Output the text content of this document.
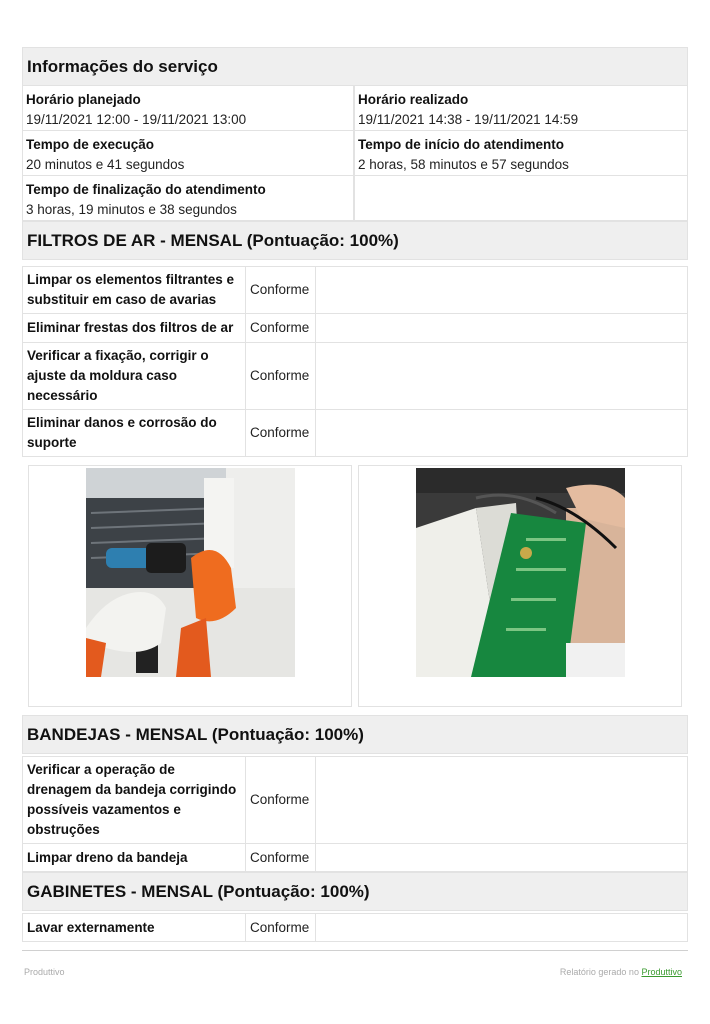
Informações do serviço
Horário planejado
19/11/2021 12:00 - 19/11/2021 13:00
Horário realizado
19/11/2021 14:38 - 19/11/2021 14:59
Tempo de execução
20 minutos e 41 segundos
Tempo de início do atendimento
2 horas, 58 minutos e 57 segundos
Tempo de finalização do atendimento
3 horas, 19 minutos e 38 segundos
FILTROS DE AR - MENSAL (Pontuação: 100%)
Limpar os elementos filtrantes e substituir em caso de avarias	Conforme	
Eliminar frestas dos filtros de ar	Conforme	
Verificar a fixação, corrigir o ajuste da moldura caso necessário	Conforme	
Eliminar danos e corrosão do suporte	Conforme	
BANDEJAS - MENSAL (Pontuação: 100%)
Verificar a operação de drenagem da bandeja corrigindo possíveis vazamentos e obstruções	Conforme	
Limpar dreno da bandeja	Conforme	
GABINETES - MENSAL (Pontuação: 100%)
Lavar externamente	Conforme	
Produttivo	Relatório gerado no Produttivo
